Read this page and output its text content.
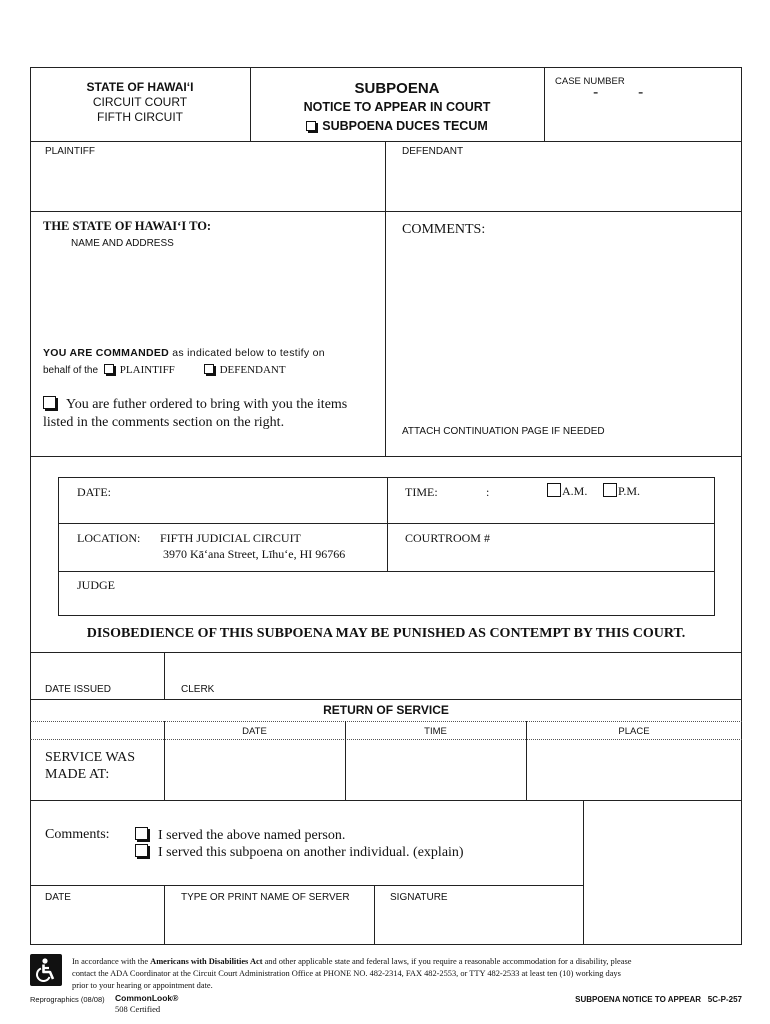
STATE OF HAWAI‘I
CIRCUIT COURT
FIFTH CIRCUIT
SUBPOENA
NOTICE TO APPEAR IN COURT
SUBPOENA DUCES TECUM
CASE NUMBER
- -
PLAINTIFF	DEFENDANT
THE STATE OF HAWAI‘I TO:
NAME AND ADDRESS
YOU ARE COMMANDED as indicated below to testify on
behalf of the PLAINTIFF	DEFENDANT
You are futher ordered to bring with you the items
listed in the comments section on the right.
COMMENTS:
ATTACH CONTINUATION PAGE IF NEEDED
DATE:	TIME:	:	A.M.	P.M.
LOCATION: FIFTH JUDICIAL CIRCUIT
3970 Kā‘ana Street, Līhu‘e, HI 96766
COURTROOM #
JUDGE
DISOBEDIENCE OF THIS SUBPOENA MAY BE PUNISHED AS CONTEMPT BY THIS COURT.
DATE ISSUED	CLERK
RETURN OF SERVICE
DATE	TIME	PLACE
SERVICE WAS
MADE AT:
Comments:	I served the above named person.
I served this subpoena on another individual. (explain)
DATE	TYPE OR PRINT NAME OF SERVER	SIGNATURE
In accordance with the Americans with Disabilities Act and other applicable state and federal laws, if you require a reasonable accommodation for a disability, please
contact the ADA Coordinator at the Circuit Court Administration Office at PHONE NO. 482-2314, FAX 482-2553, or TTY 482-2533 at least ten (10) working days
prior to your hearing or appointment date.
Reprographics (08/08) CommonLook®
508 Certified
SUBPOENA NOTICE TO APPEAR   5C-P-257
